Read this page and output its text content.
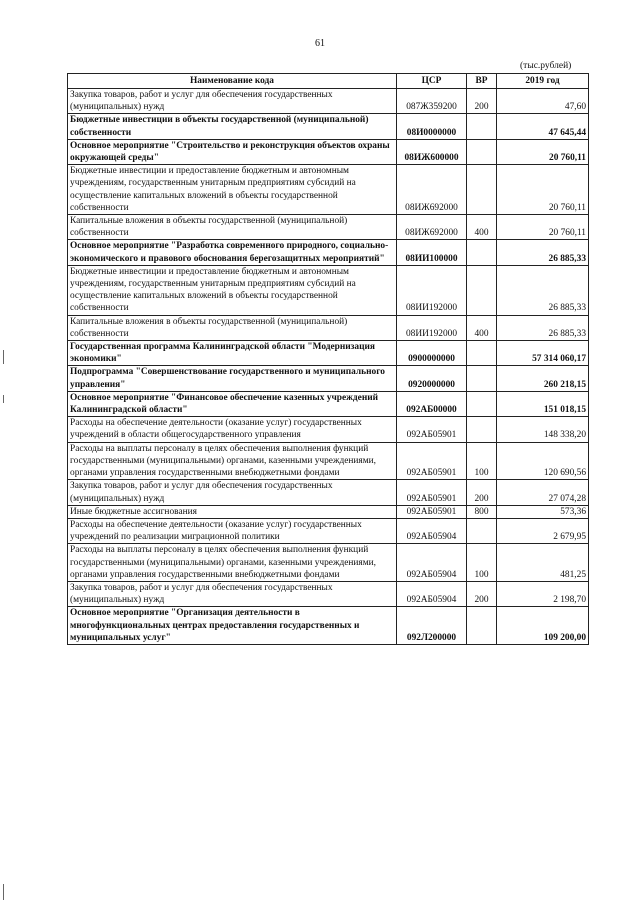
61
(тыс.рублей)
Наименование кода	ЦСР	ВР	2019 год
Закупка товаров, работ и услуг для обеспечения государственных (муниципальных) нужд	087Ж359200	200	47,60
Бюджетные инвестиции в объекты государственной (муниципальной) собственности	08И0000000		47 645,44
Основное мероприятие "Строительство и реконструкция объектов охраны окружающей среды"	08ИЖ600000		20 760,11
Бюджетные инвестиции и предоставление бюджетным и автономным учреждениям, государственным унитарным предприятиям субсидий на осуществление капитальных вложений в объекты государственной собственности	08ИЖ692000		20 760,11
Капитальные вложения в объекты государственной (муниципальной) собственности	08ИЖ692000	400	20 760,11
Основное мероприятие "Разработка современного природного, социально-экономического и правового обоснования берегозащитных мероприятий"	08ИИ100000		26 885,33
Бюджетные инвестиции и предоставление бюджетным и автономным учреждениям, государственным унитарным предприятиям субсидий на осуществление капитальных вложений в объекты государственной собственности	08ИИ192000		26 885,33
Капитальные вложения в объекты государственной (муниципальной) собственности	08ИИ192000	400	26 885,33
Государственная программа Калининградской области "Модернизация экономики"	0900000000		57 314 060,17
Подпрограмма "Совершенствование государственного и муниципального управления"	0920000000		260 218,15
Основное мероприятие "Финансовое обеспечение казенных учреждений Калининградской области"	092АБ00000		151 018,15
Расходы на обеспечение деятельности (оказание услуг) государственных учреждений в области общегосударственного управления	092АБ05901		148 338,20
Расходы на выплаты персоналу в целях обеспечения выполнения функций государственными (муниципальными) органами, казенными учреждениями, органами управления государственными внебюджетными фондами	092АБ05901	100	120 690,56
Закупка товаров, работ и услуг для обеспечения государственных (муниципальных) нужд	092АБ05901	200	27 074,28
Иные бюджетные ассигнования	092АБ05901	800	573,36
Расходы на обеспечение деятельности (оказание услуг) государственных учреждений по реализации миграционной политики	092АБ05904		2 679,95
Расходы на выплаты персоналу в целях обеспечения выполнения функций государственными (муниципальными) органами, казенными учреждениями, органами управления государственными внебюджетными фондами	092АБ05904	100	481,25
Закупка товаров, работ и услуг для обеспечения государственных (муниципальных) нужд	092АБ05904	200	2 198,70
Основное мероприятие "Организация деятельности в многофункциональных центрах предоставления государственных и муниципальных услуг"	092Л200000		109 200,00
